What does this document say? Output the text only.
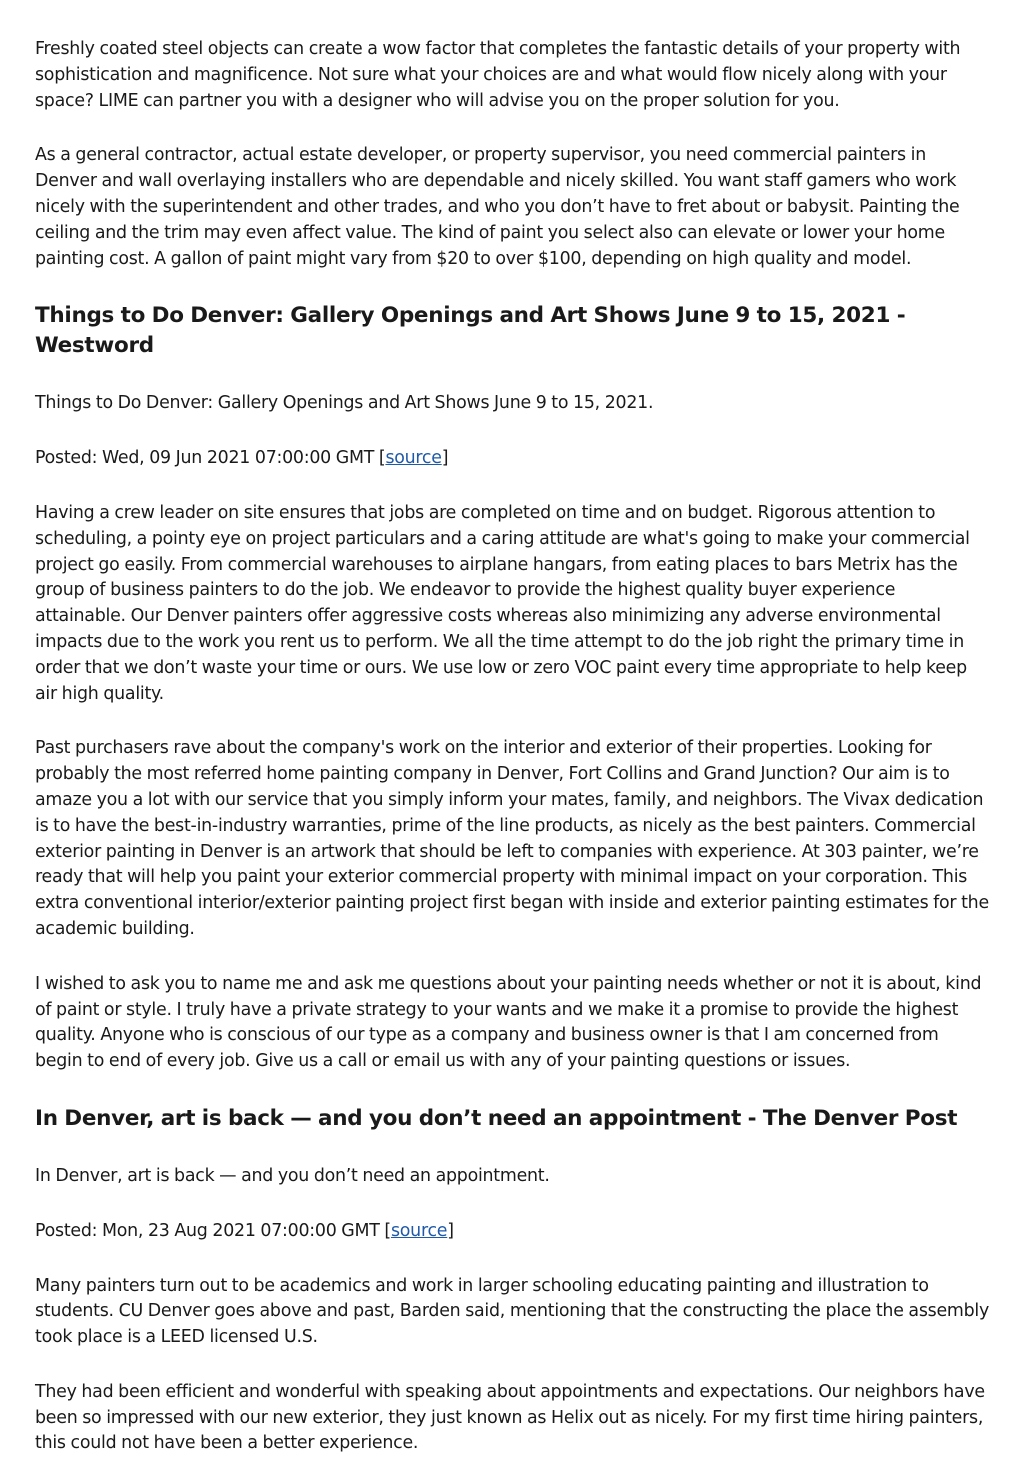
Freshly coated steel objects can create a wow factor that completes the fantastic details of your property with sophistication and magnificence. Not sure what your choices are and what would flow nicely along with your space? LIME can partner you with a designer who will advise you on the proper solution for you.

As a general contractor, actual estate developer, or property supervisor, you need commercial painters in Denver and wall overlaying installers who are dependable and nicely skilled. You want staff gamers who work nicely with the superintendent and other trades, and who you don’t have to fret about or babysit. Painting the ceiling and the trim may even affect value. The kind of paint you select also can elevate or lower your home painting cost. A gallon of paint might vary from $20 to over $100, depending on high quality and model.

Things to Do Denver: Gallery Openings and Art Shows June 9 to 15, 2021 - Westword

Things to Do Denver: Gallery Openings and Art Shows June 9 to 15, 2021.

Posted: Wed, 09 Jun 2021 07:00:00 GMT [source]

Having a crew leader on site ensures that jobs are completed on time and on budget. Rigorous attention to scheduling, a pointy eye on project particulars and a caring attitude are what's going to make your commercial project go easily. From commercial warehouses to airplane hangars, from eating places to bars Metrix has the group of business painters to do the job. We endeavor to provide the highest quality buyer experience attainable. Our Denver painters offer aggressive costs whereas also minimizing any adverse environmental impacts due to the work you rent us to perform. We all the time attempt to do the job right the primary time in order that we don’t waste your time or ours. We use low or zero VOC paint every time appropriate to help keep air high quality.

Past purchasers rave about the company's work on the interior and exterior of their properties. Looking for probably the most referred home painting company in Denver, Fort Collins and Grand Junction? Our aim is to amaze you a lot with our service that you simply inform your mates, family, and neighbors. The Vivax dedication is to have the best-in-industry warranties, prime of the line products, as nicely as the best painters. Commercial exterior painting in Denver is an artwork that should be left to companies with experience. At 303 painter, we’re ready that will help you paint your exterior commercial property with minimal impact on your corporation. This extra conventional interior/exterior painting project first began with inside and exterior painting estimates for the academic building.

I wished to ask you to name me and ask me questions about your painting needs whether or not it is about, kind of paint or style. I truly have a private strategy to your wants and we make it a promise to provide the highest quality. Anyone who is conscious of our type as a company and business owner is that I am concerned from begin to end of every job. Give us a call or email us with any of your painting questions or issues.

In Denver, art is back — and you don’t need an appointment - The Denver Post

In Denver, art is back — and you don’t need an appointment.

Posted: Mon, 23 Aug 2021 07:00:00 GMT [source]

Many painters turn out to be academics and work in larger schooling educating painting and illustration to students. CU Denver goes above and past, Barden said, mentioning that the constructing the place the assembly took place is a LEED licensed U.S.

They had been efficient and wonderful with speaking about appointments and expectations. Our neighbors have been so impressed with our new exterior, they just known as Helix out as nicely. For my first time hiring painters, this could not have been a better experience.
